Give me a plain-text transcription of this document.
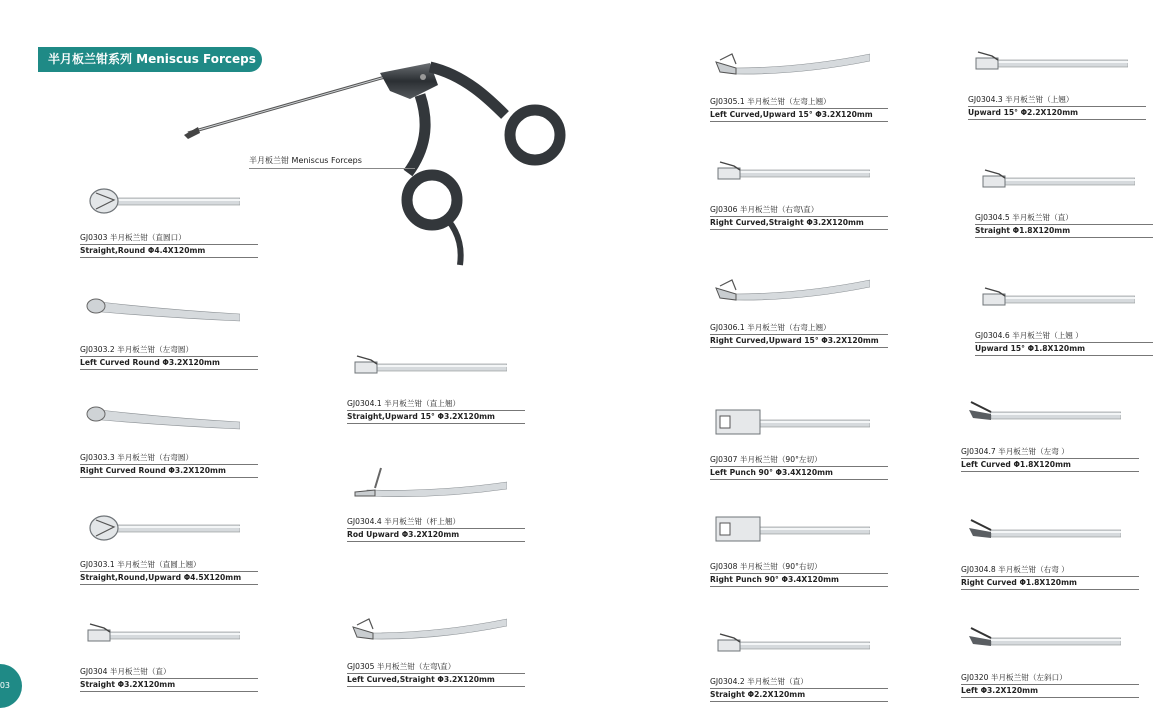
半月板兰钳系列 Meniscus Forceps
半月板兰钳 Meniscus Forceps
GJ0303 半月板兰钳（直圆口）
Straight,Round Φ4.4X120mm
GJ0303.2 半月板兰钳（左弯圆）
Left Curved Round Φ3.2X120mm
GJ0303.3 半月板兰钳（右弯圆）
Right Curved Round Φ3.2X120mm
GJ0303.1 半月板兰钳（直圆上翘）
Straight,Round,Upward Φ4.5X120mm
GJ0304 半月板兰钳（直）
Straight Φ3.2X120mm
GJ0304.1 半月板兰钳（直上翘）
Straight,Upward 15° Φ3.2X120mm
GJ0304.4 半月板兰钳（杆上翘）
Rod Upward Φ3.2X120mm
GJ0305 半月板兰钳（左弯\直）
Left Curved,Straight Φ3.2X120mm
GJ0305.1 半月板兰钳（左弯上翘）
Left Curved,Upward 15° Φ3.2X120mm
GJ0306 半月板兰钳（右弯\直）
Right Curved,Straight Φ3.2X120mm
GJ0306.1 半月板兰钳（右弯上翘）
Right Curved,Upward 15° Φ3.2X120mm
GJ0307 半月板兰钳（90°左切）
Left Punch 90° Φ3.4X120mm
GJ0308 半月板兰钳（90°右切）
Right Punch 90° Φ3.4X120mm
GJ0304.2 半月板兰钳（直）
Straight Φ2.2X120mm
GJ0304.3 半月板兰钳（上翘）
Upward 15° Φ2.2X120mm
GJ0304.5 半月板兰钳（直）
Straight Φ1.8X120mm
GJ0304.6 半月板兰钳（上翘 ）
Upward 15° Φ1.8X120mm
GJ0304.7 半月板兰钳（左弯 ）
Left Curved Φ1.8X120mm
GJ0304.8 半月板兰钳（右弯 ）
Right Curved Φ1.8X120mm
GJ0320 半月板兰钳（左斜口）
Left Φ3.2X120mm
03
